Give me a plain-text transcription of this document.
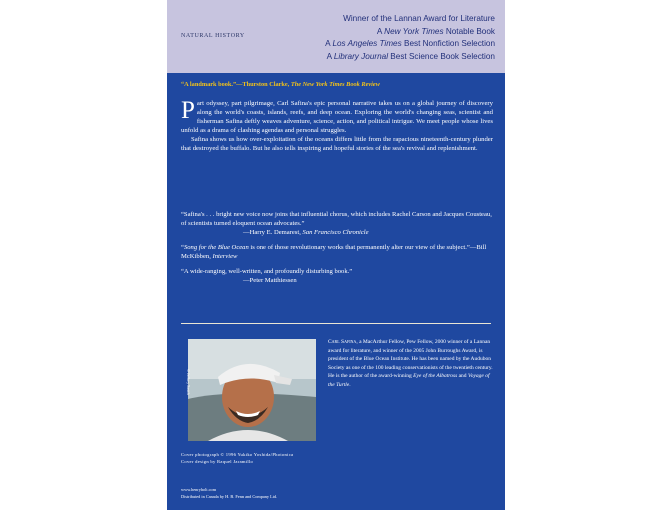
NATURAL HISTORY
Winner of the Lannan Award for Literature
A New York Times Notable Book
A Los Angeles Times Best Nonfiction Selection
A Library Journal Best Science Book Selection
“A landmark book.”—Thurston Clarke, The New York Times Book Review

Part odyssey, part pilgrimage, Carl Safina's epic personal narrative takes us on a global journey of discovery along the world's coasts, islands, reefs, and deep ocean. Exploring the world's changing seas, scientist and fisherman Safina deftly weaves adventure, science, action, and political intrigue. We meet people whose lives unfold as a drama of clashing agendas and personal struggles.

Safina shows us how over-exploitation of the oceans differs little from the rapacious nineteenth-century plunder that destroyed the buffalo. But he also tells inspiring and hopeful stories of the sea's revival and replenishment.

“Safina's . . . bright new voice now joins that influential chorus, which includes Rachel Carson and Jacques Cousteau, of scientists turned eloquent ocean advocates.”
—Harry E. Demarest, San Francisco Chronicle
“Song for the Blue Ocean is one of those revolutionary works that permanently alter our view of the subject.”—Bill McKibben, Interview
“A wide-ranging, well-written, and profoundly disturbing book.”
—Peter Matthiessen
© Jeffrey Smith
Carl Safina, a MacArthur Fellow, Pew Fellow, 2000 winner of a Lannan award for literature, and winner of the 2005 John Burroughs Award, is president of the Blue Ocean Institute. He has been named by the Audubon Society as one of the 100 leading conservationists of the twentieth century. He is the author of the award-winning Eye of the Albatross and Voyage of the Turtle.
Cover photograph © 1996 Yukiko Yoshida/Photonica
Cover design by Raquel Jaramillo
www.henryholt.com
Distributed in Canada by H. B. Fenn and Company Ltd.
